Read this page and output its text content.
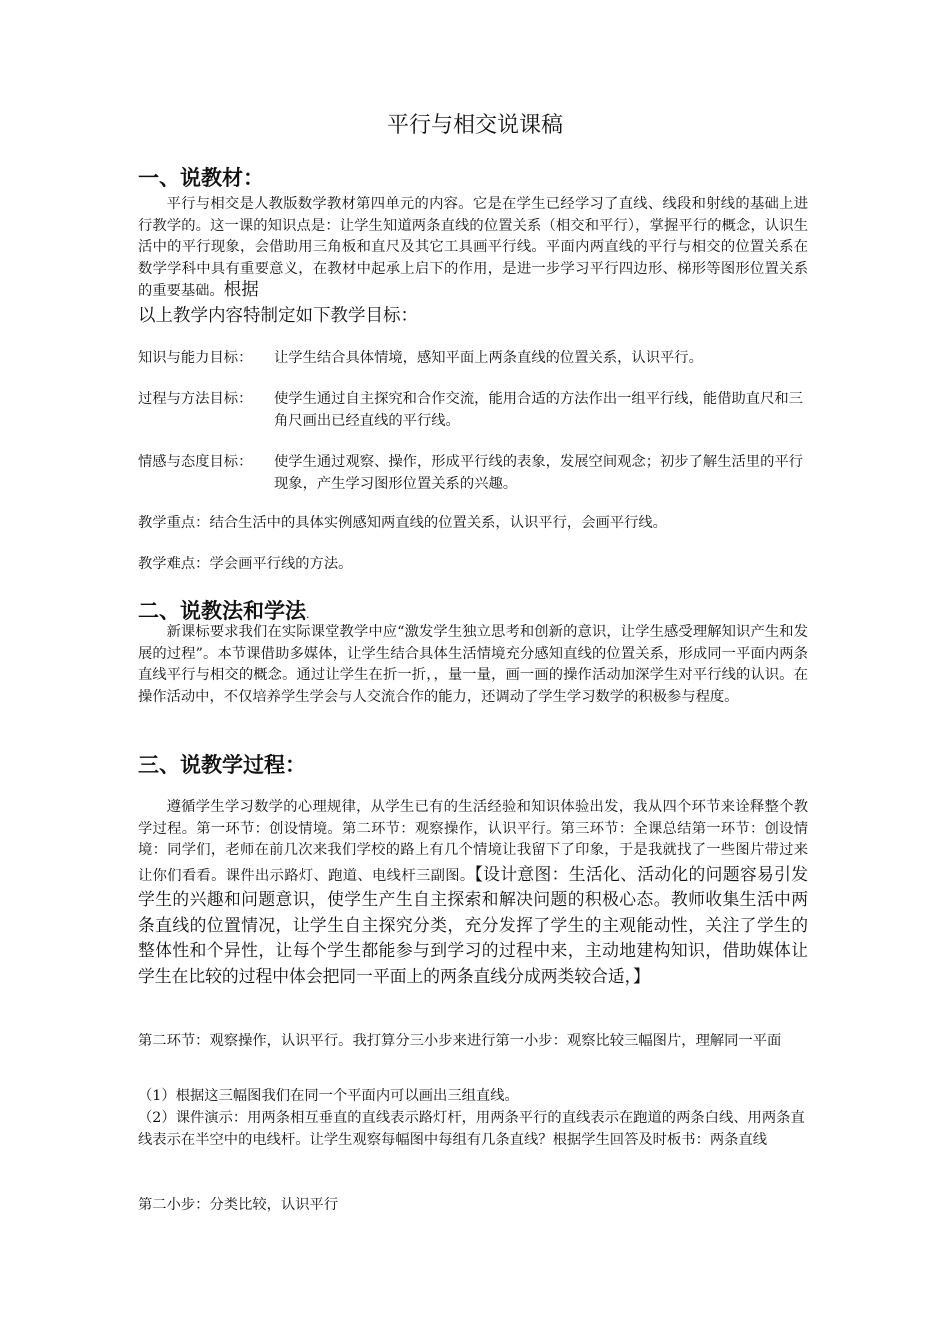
平行与相交说课稿
一、说教材：
平行与相交是人教版数学教材第四单元的内容。它是在学生已经学习了直线、线段和射线的基础上进行教学的。这一课的知识点是：让学生知道两条直线的位置关系（相交和平行），掌握平行的概念，认识生活中的平行现象，会借助用三角板和直尺及其它工具画平行线。平面内两直线的平行与相交的位置关系在数学学科中具有重要意义，在教材中起承上启下的作用，是进一步学习平行四边形、梯形等图形位置关系的重要基础。根据
以上教学内容特制定如下教学目标：
知识与能力目标： 让学生结合具体情境，感知平面上两条直线的位置关系，认识平行。
过程与方法目标： 使学生通过自主探究和合作交流，能用合适的方法作出一组平行线，能借助直尺和三角尺画出已经直线的平行线。
情感与态度目标： 使学生通过观察、操作，形成平行线的表象，发展空间观念；初步了解生活里的平行现象，产生学习图形位置关系的兴趣。
教学重点：结合生活中的具体实例感知两直线的位置关系，认识平行，会画平行线。
教学难点：学会画平行线的方法。
二、说教法和学法.
新课标要求我们在实际课堂教学中应“激发学生独立思考和创新的意识，让学生感受理解知识产生和发展的过程”。本节课借助多媒体，让学生结合具体生活情境充分感知直线的位置关系，形成同一平面内两条直线平行与相交的概念。通过让学生在折一折，，量一量，画一画的操作活动加深学生对平行线的认识。在操作活动中，不仅培养学生学会与人交流合作的能力，还调动了学生学习数学的积极参与程度。
三、说教学过程：
遵循学生学习数学的心理规律，从学生已有的生活经验和知识体验出发，我从四个环节来诠释整个教学过程。第一环节：创设情境。第二环节：观察操作，认识平行。第三环节：全课总结第一环节：创设情境：同学们，老师在前几次来我们学校的路上有几个情境让我留下了印象，于是我就找了一些图片带过来让你们看看。课件出示路灯、跑道、电线杆三副图。【设计意图：生活化、活动化的问题容易引发学生的兴趣和问题意识，使学生产生自主探索和解决问题的积极心态。教师收集生活中两条直线的位置情况，让学生自主探究分类，充分发挥了学生的主观能动性，关注了学生的整体性和个异性，让每个学生都能参与到学习的过程中来，主动地建构知识，借助媒体让学生在比较的过程中体会把同一平面上的两条直线分成两类较合适，】
第二环节：观察操作，认识平行。我打算分三小步来进行第一小步：观察比较三幅图片，理解同一平面
（1）根据这三幅图我们在同一个平面内可以画出三组直线。
（2）课件演示：用两条相互垂直的直线表示路灯杆，用两条平行的直线表示在跑道的两条白线、用两条直线表示在半空中的电线杆。让学生观察每幅图中每组有几条直线？根据学生回答及时板书：两条直线
第二小步：分类比较，认识平行
